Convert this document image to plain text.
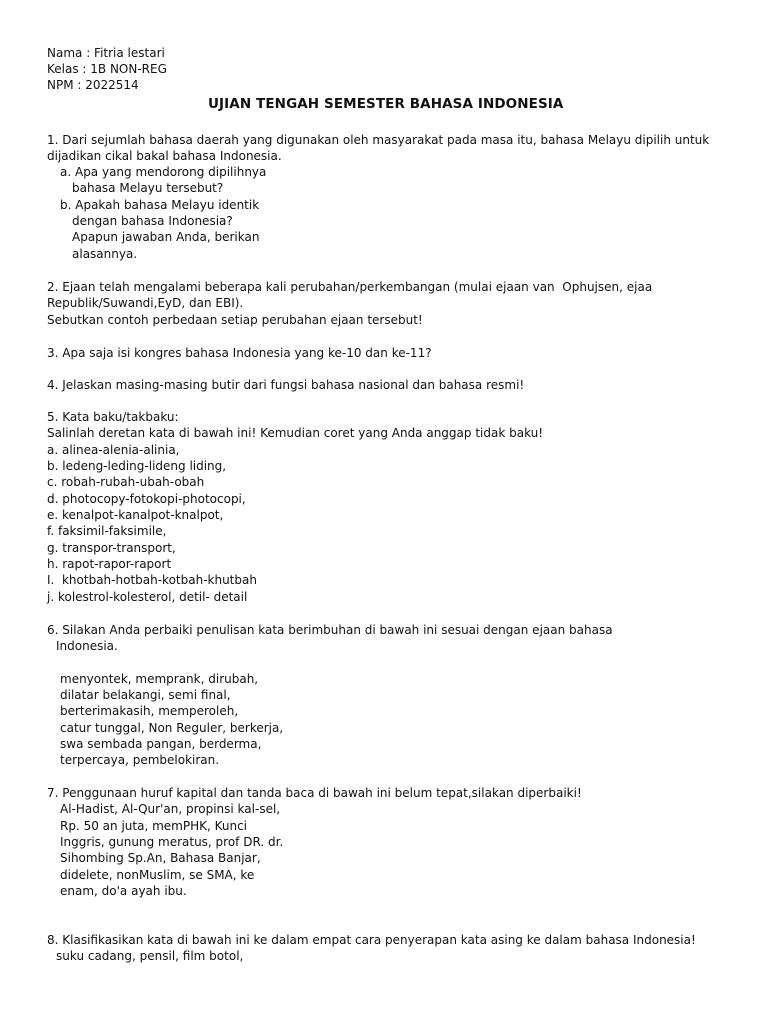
Nama : Fitria lestari
Kelas : 1B NON-REG
NPM : 2022514
UJIAN TENGAH SEMESTER BAHASA INDONESIA
1. Dari sejumlah bahasa daerah yang digunakan oleh masyarakat pada masa itu, bahasa Melayu dipilih untuk
dijadikan cikal bakal bahasa Indonesia.
a. Apa yang mendorong dipilihnya
bahasa Melayu tersebut?
b. Apakah bahasa Melayu identik
dengan bahasa Indonesia?
Apapun jawaban Anda, berikan
alasannya.
2. Ejaan telah mengalami beberapa kali perubahan/perkembangan (mulai ejaan van  Ophujsen, ejaa
Republik/Suwandi,EyD, dan EBI).
Sebutkan contoh perbedaan setiap perubahan ejaan tersebut!
3. Apa saja isi kongres bahasa Indonesia yang ke-10 dan ke-11?
4. Jelaskan masing-masing butir dari fungsi bahasa nasional dan bahasa resmi!
5. Kata baku/takbaku:
Salinlah deretan kata di bawah ini! Kemudian coret yang Anda anggap tidak baku!
a. alinea-alenia-alinia,
b. ledeng-leding-lideng liding,
c. robah-rubah-ubah-obah
d. photocopy-fotokopi-photocopi,
e. kenalpot-kanalpot-knalpot,
f. faksimil-faksimile,
g. transpor-transport,
h. rapot-rapor-raport
I.  khotbah-hotbah-kotbah-khutbah
j. kolestrol-kolesterol, detil- detail
6. Silakan Anda perbaiki penulisan kata berimbuhan di bawah ini sesuai dengan ejaan bahasa
Indonesia.
menyontek, memprank, dirubah,
dilatar belakangi, semi final,
berterimakasih, memperoleh,
catur tunggal, Non Reguler, berkerja,
swa sembada pangan, berderma,
terpercaya, pembelokiran.
7. Penggunaan huruf kapital dan tanda baca di bawah ini belum tepat,silakan diperbaiki!
Al-Hadist, Al-Qur'an, propinsi kal-sel,
Rp. 50 an juta, memPHK, Kunci
Inggris, gunung meratus, prof DR. dr.
Sihombing Sp.An, Bahasa Banjar,
didelete, nonMuslim, se SMA, ke
enam, do'a ayah ibu.
8. Klasifikasikan kata di bawah ini ke dalam empat cara penyerapan kata asing ke dalam bahasa Indonesia!
suku cadang, pensil, film botol,
